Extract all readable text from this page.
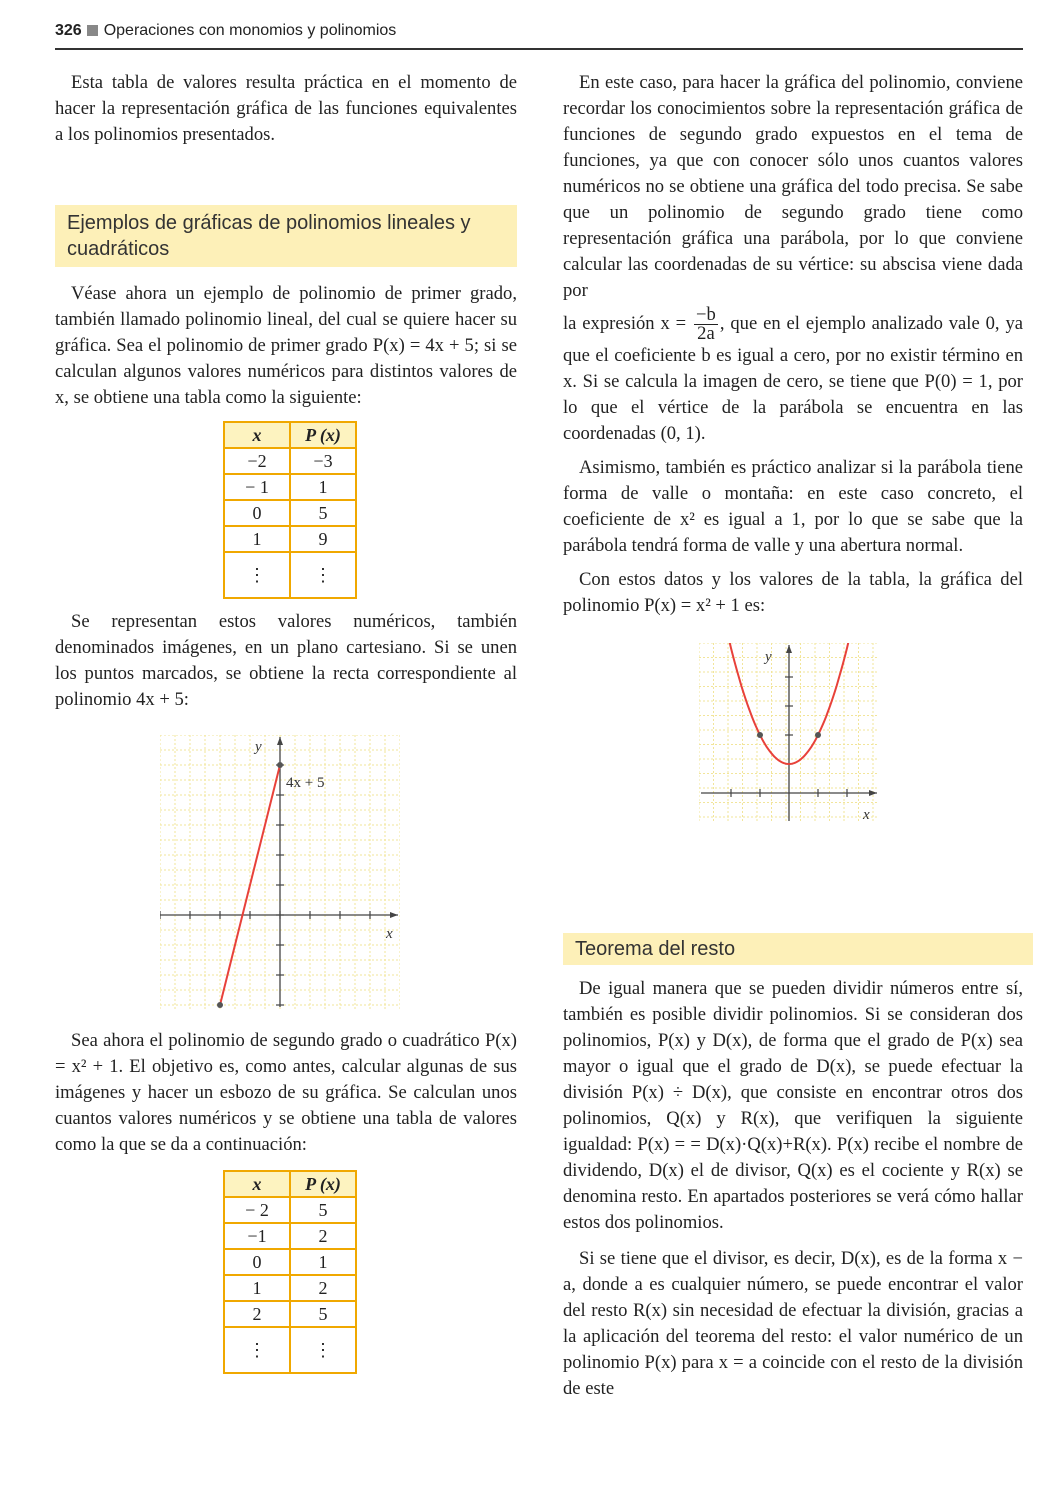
326 Operaciones con monomios y polinomios

Esta tabla de valores resulta práctica en el momento de hacer la representación gráfica de las funciones equivalentes a los polinomios presentados.

Ejemplos de gráficas de polinomios lineales y cuadráticos

Véase ahora un ejemplo de polinomio de primer grado, también llamado polinomio lineal, del cual se quiere hacer su gráfica. Sea el polinomio de primer grado P(x) = 4x + 5; si se calculan algunos valores numéricos para distintos valores de x, se obtiene una tabla como la siguiente:

x	P (x)
−2	−3
− 1	1
0	5
1	9
⋮	⋮

Se representan estos valores numéricos, también denominados imágenes, en un plano cartesiano. Si se unen los puntos marcados, se obtiene la recta correspondiente al polinomio 4x + 5:

y
x
4x + 5

Sea ahora el polinomio de segundo grado o cuadrático P(x) = x² + 1. El objetivo es, como antes, calcular algunas de sus imágenes y hacer un esbozo de su gráfica. Se calculan unos cuantos valores numéricos y se obtiene una tabla de valores como la que se da a continuación:

x	P (x)
− 2	5
−1	2
0	1
1	2
2	5
⋮	⋮

En este caso, para hacer la gráfica del polinomio, conviene recordar los conocimientos sobre la representación gráfica de funciones de segundo grado expuestos en el tema de funciones, ya que con conocer sólo unos cuantos valores numéricos no se obtiene una gráfica del todo precisa. Se sabe que un polinomio de segundo grado tiene como representación gráfica una parábola, por lo que conviene calcular las coordenadas de su vértice: su abscisa viene dada por

la expresión $x = \frac{-b}{2a}$ , que en el ejemplo analizado vale 0, ya que el coeficiente b es igual a cero, por no existir término en x. Si se calcula la imagen de cero, se tiene que P(0) = 1, por lo que el vértice de la parábola se encuentra en las coordenadas (0, 1).

Asimismo, también es práctico analizar si la parábola tiene forma de valle o montaña: en este caso concreto, el coeficiente de x² es igual a 1, por lo que se sabe que la parábola tendrá forma de valle y una abertura normal.

Con estos datos y los valores de la tabla, la gráfica del polinomio P(x) = x² + 1 es:

y
x
Teorema del resto

De igual manera que se pueden dividir números entre sí, también es posible dividir polinomios. Si se consideran dos polinomios, P(x) y D(x), de forma que el grado de P(x) sea mayor o igual que el grado de D(x), se puede efectuar la división P(x) ÷ D(x), que consiste en encontrar otros dos polinomios, Q(x) y R(x), que verifiquen la siguiente igualdad: P(x) = = D(x)·Q(x)+R(x). P(x) recibe el nombre de dividendo, D(x) el de divisor, Q(x) es el cociente y R(x) se denomina resto. En apartados posteriores se verá cómo hallar estos dos polinomios.

Si se tiene que el divisor, es decir, D(x), es de la forma x − a, donde a es cualquier número, se puede encontrar el valor del resto R(x) sin necesidad de efectuar la división, gracias a la aplicación del teorema del resto: el valor numérico de un polinomio P(x) para x = a coincide con el resto de la división de este
